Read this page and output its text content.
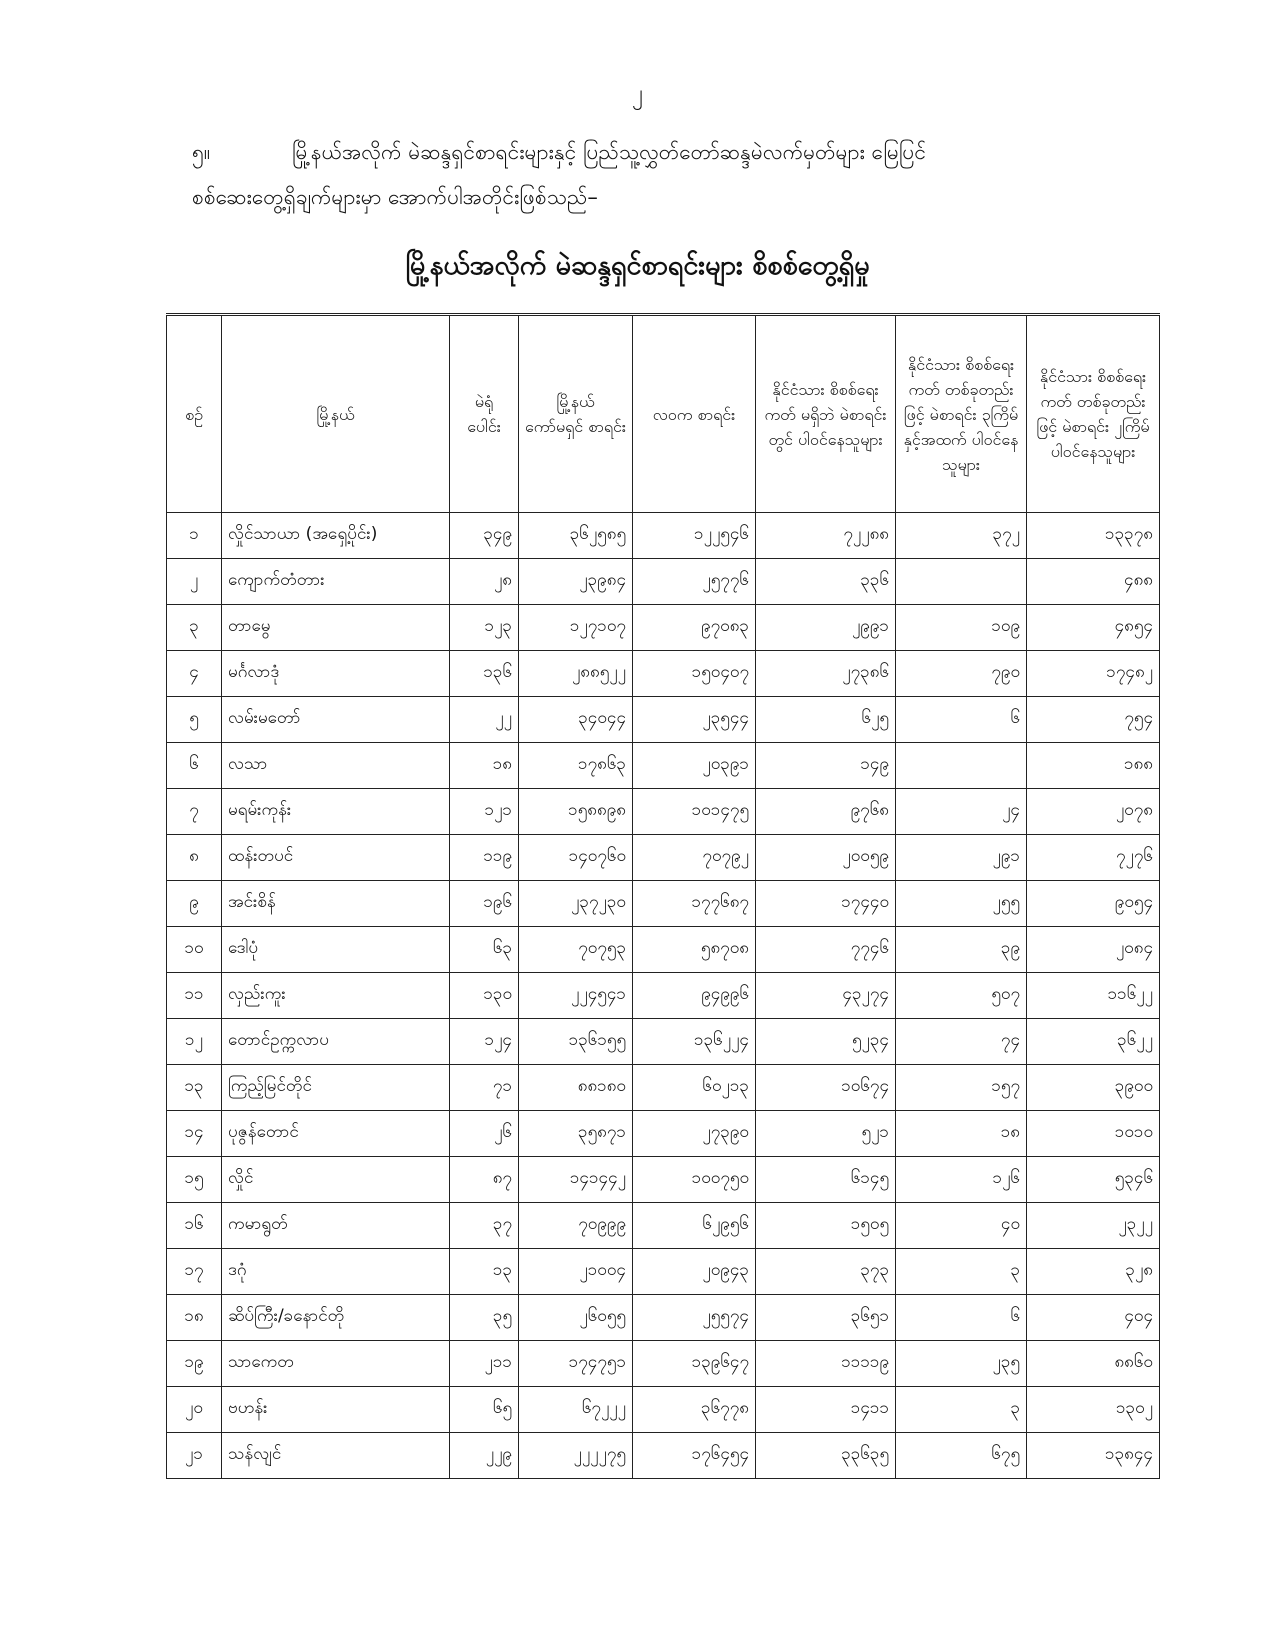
၂
၅။	မြို့နယ်အလိုက် မဲဆန္ဒရှင်စာရင်းများနှင့် ပြည်သူ့လွှတ်တော်ဆန္ဒမဲလက်မှတ်များ မြေပြင်
စစ်ဆေးတွေ့ရှိချက်များမှာ အောက်ပါအတိုင်းဖြစ်သည်–
မြို့နယ်အလိုက် မဲဆန္ဒရှင်စာရင်းများ စိစစ်တွေ့ရှိမှု
စဉ်	မြို့နယ်	မဲရုံ ပေါင်း	မြို့နယ် ကော်မရှင် စာရင်း	လဝက စာရင်း	နိုင်ငံသား စိစစ်ရေးကတ် မရှိဘဲ မဲစာရင်းတွင် ပါဝင်နေသူများ	နိုင်ငံသား စိစစ်ရေးကတ် တစ်ခုတည်းဖြင့် မဲစာရင်း ၃ကြိမ် နှင့်အထက် ပါဝင်နေသူများ	နိုင်ငံသား စိစစ်ရေးကတ် တစ်ခုတည်းဖြင့် မဲစာရင်း ၂ကြိမ် ပါဝင်နေသူများ
၁	လှိုင်သာယာ (အရှေ့ပိုင်း)	၃၄၉	၃၆၂၅၈၅	၁၂၂၅၄၆	၇၂၂၈၈	၃၇၂	၁၃၃၇၈
၂	ကျောက်တံတား	၂၈	၂၃၉၈၄	၂၅၇၇၆	၃၃၆		၄၈၈
၃	တာမွေ	၁၂၃	၁၂၇၁၀၇	၉၇၀၈၃	၂၉၉၁	၁၀၉	၄၈၅၄
၄	မင်္ဂလာဒုံ	၁၃၆	၂၈၈၅၂၂	၁၅၀၄၀၇	၂၇၃၈၆	၇၉၀	၁၇၄၈၂
၅	လမ်းမတော်	၂၂	၃၄၀၄၄	၂၃၅၄၄	၆၂၅	၆	၇၅၄
၆	လသာ	၁၈	၁၇၈၆၃	၂၀၃၉၁	၁၄၉		၁၈၈
၇	မရမ်းကုန်း	၁၂၁	၁၅၈၈၉၈	၁၀၁၄၇၅	၉၇၆၈	၂၄	၂၀၇၈
၈	ထန်းတပင်	၁၁၉	၁၄၀၇၆၀	၇၀၇၉၂	၂၀၀၅၉	၂၉၁	၇၂၇၆
၉	အင်းစိန်	၁၉၆	၂၃၇၂၃၀	၁၇၇၆၈၇	၁၇၄၄၀	၂၅၅	၉၀၅၄
၁၀	ဒေါပုံ	၆၃	၇၀၇၅၃	၅၈၇၀၈	၇၇၄၆	၃၉	၂၀၈၄
၁၁	လှည်းကူး	၁၃၀	၂၂၄၅၄၁	၉၄၉၉၆	၄၃၂၇၄	၅၀၇	၁၁၆၂၂
၁၂	တောင်ဥက္ကလာပ	၁၂၄	၁၃၆၁၅၅	၁၃၆၂၂၄	၅၂၃၄	၇၄	၃၆၂၂
၁၃	ကြည့်မြင်တိုင်	၇၁	၈၈၁၈၀	၆၀၂၁၃	၁၀၆၇၄	၁၅၇	၃၉၀၀
၁၄	ပုဇွန်တောင်	၂၆	၃၅၈၇၁	၂၇၃၉၀	၅၂၁	၁၈	၁၀၁၀
၁၅	လှိုင်	၈၇	၁၄၁၄၄၂	၁၀၀၇၅၀	၆၁၄၅	၁၂၆	၅၃၄၆
၁၆	ကမာရွတ်	၃၇	၇၀၉၉၉	၆၂၉၅၆	၁၅၀၅	၄၀	၂၃၂၂
၁၇	ဒဂုံ	၁၃	၂၁၀၀၄	၂၀၉၄၃	၃၇၃	၃	၃၂၈
၁၈	ဆိပ်ကြီး/ခနောင်တို	၃၅	၂၆၀၅၅	၂၅၅၇၄	၃၆၅၁	၆	၄၀၄
၁၉	သာကေတ	၂၁၁	၁၇၄၇၅၁	၁၃၉၆၄၇	၁၁၁၁၉	၂၃၅	၈၈၆၀
၂၀	ဗဟန်း	၆၅	၆၇၂၂၂	၃၆၇၇၈	၁၄၁၁	၃	၁၃၀၂
၂၁	သန်လျင်	၂၂၉	၂၂၂၂၇၅	၁၇၆၄၅၄	၃၃၆၃၅	၆၇၅	၁၃၈၄၄
